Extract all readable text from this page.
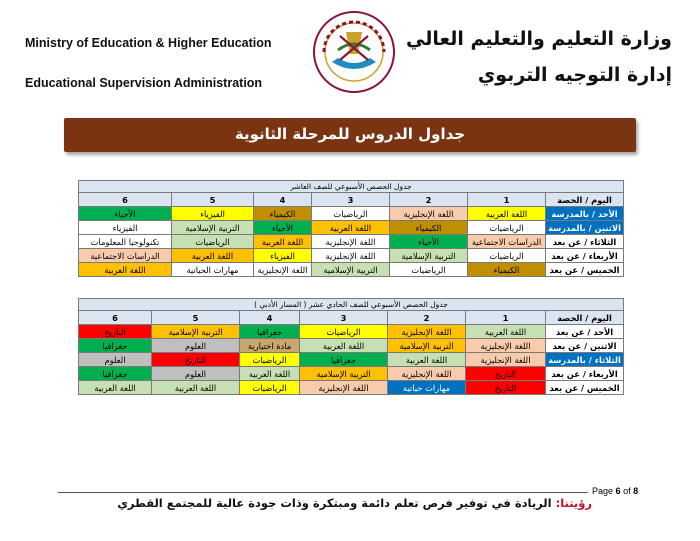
Ministry of Education & Higher Education
Educational Supervision Administration
وزارة التعليم والتعليم العالي
إدارة التوجيه التربوي
جداول الدروس للمرحلة الثانوية
جدول الحصص الأسبوعي للصف العاشر						
اليوم / الحصة	1	2	3	4	5	6
الأحد / بالمدرسة	اللغة العربية	اللغة الإنجليزية	الرياضيات	الكيمياء	الفيزياء	الأحياء
الاثنين / بالمدرسة	الرياضيات	الكيمياء	اللغة العربية	الأحياء	التربية الإسلامية	الفيزياء
الثلاثاء / عن بعد	الدراسات الاجتماعية	الأحياء	اللغة الإنجليزية	اللغة العربية	الرياضيات	تكنولوجيا المعلومات
الأربعاء / عن بعد	الرياضيات	التربية الإسلامية	اللغة الإنجليزية	الفيزياء	اللغة العربية	الدراسات الاجتماعية
الخميس / عن بعد	الكيمياء	الرياضيات	التربية الإسلامية	اللغة الإنجليزية	مهارات الحياتية	اللغة العربية
جدول الحصص الأسبوعي للصف الحادي عشر ( المسار الأدبي )						
اليوم / الحصة	1	2	3	4	5	6
الأحد / عن بعد	اللغة العربية	اللغة الإنجليزية	الرياضيات	جغرافيا	التربية الإسلامية	التاريخ
الاثنين / عن بعد	اللغة الإنجليزية	التربية الإسلامية	اللغة العربية	مادة اختيارية	العلوم	جغرافيا
الثلاثاء / بالمدرسة	اللغة الإنجليزية	اللغة العربية	جغرافيا	الرياضيات	التاريخ	العلوم
الأربعاء / عن بعد	التاريخ	اللغة الإنجليزية	التربية الإسلامية	اللغة العربية	العلوم	جغرافيا
الخميس / عن بعد	التاريخ	مهارات حياتية	اللغة الإنجليزية	الرياضيات	اللغة العربية	اللغة العربية
Page 6 of 8
رؤيتنا: الريادة في توفير فرص تعلم دائمة ومبتكرة وذات جودة عالية للمجتمع القطري
